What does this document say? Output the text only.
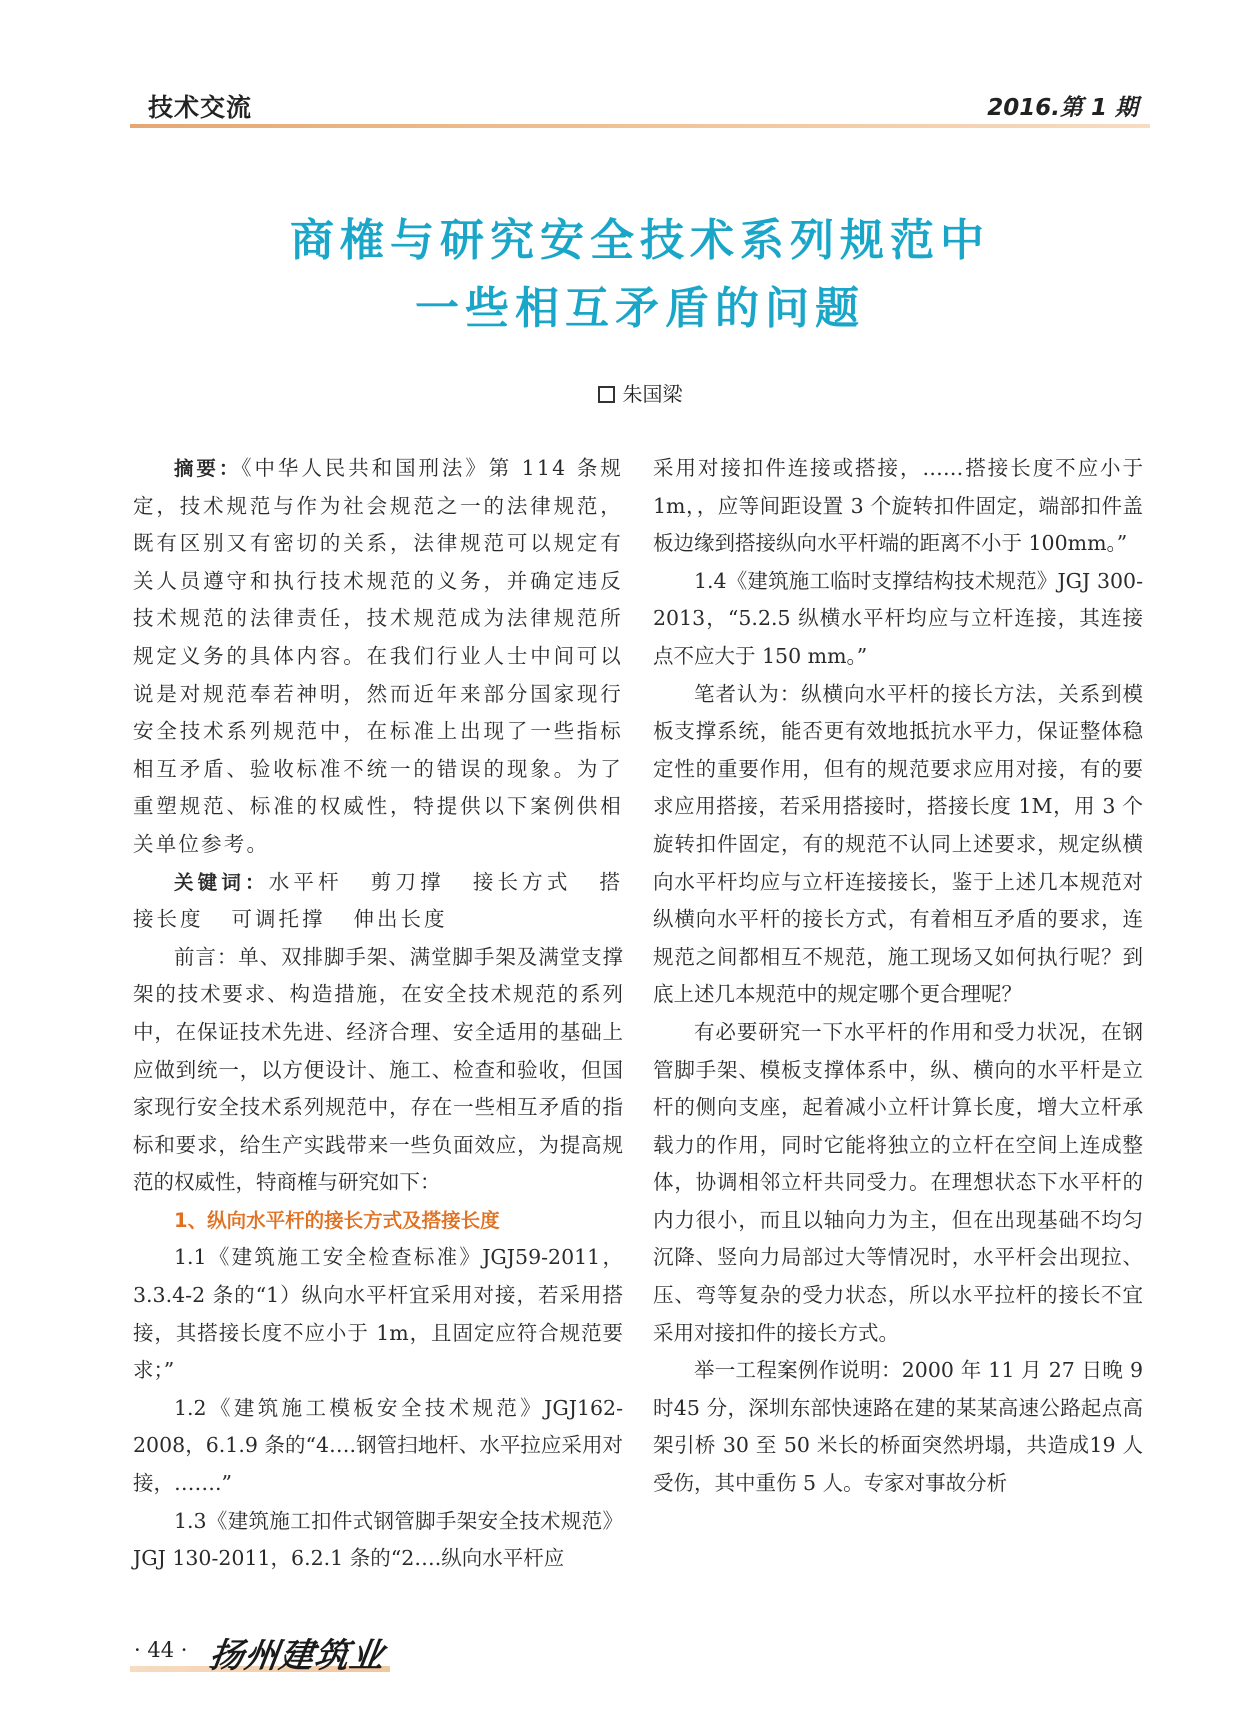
技术交流	2016.第 1 期
商榷与研究安全技术系列规范中
一些相互矛盾的问题
朱国梁

摘要：《中华人民共和国刑法》第 114 条规定，技术规范与作为社会规范之一的法律规范，既有区别又有密切的关系，法律规范可以规定有关人员遵守和执行技术规范的义务，并确定违反技术规范的法律责任，技术规范成为法律规范所规定义务的具体内容。在我们行业人士中间可以说是对规范奉若神明，然而近年来部分国家现行安全技术系列规范中，在标准上出现了一些指标相互矛盾、验收标准不统一的错误的现象。为了重塑规范、标准的权威性，特提供以下案例供相关单位参考。

关键词：水平杆 剪刀撑 接长方式 搭接长度 可调托撑 伸出长度

前言：单、双排脚手架、满堂脚手架及满堂支撑架的技术要求、构造措施，在安全技术规范的系列中，在保证技术先进、经济合理、安全适用的基础上应做到统一，以方便设计、施工、检查和验收，但国家现行安全技术系列规范中，存在一些相互矛盾的指标和要求，给生产实践带来一些负面效应，为提高规范的权威性，特商榷与研究如下：

1、纵向水平杆的接长方式及搭接长度

1.1《建筑施工安全检查标准》JGJ59-2011，3.3.4-2 条的“1）纵向水平杆宜采用对接，若采用搭接，其搭接长度不应小于 1m，且固定应符合规范要求；”

1.2《建筑施工模板安全技术规范》JGJ162-2008，6.1.9 条的“4….钢管扫地杆、水平拉应采用对接，…….”

1.3《建筑施工扣件式钢管脚手架安全技术规范》JGJ 130-2011，6.2.1 条的“2….纵向水平杆应

采用对接扣件连接或搭接，……搭接长度不应小于 1m，，应等间距设置 3 个旋转扣件固定，端部扣件盖板边缘到搭接纵向水平杆端的距离不小于 100mm。”

1.4《建筑施工临时支撑结构技术规范》JGJ 300-2013，“5.2.5 纵横水平杆均应与立杆连接，其连接点不应大于 150 mm。”

笔者认为：纵横向水平杆的接长方法，关系到模板支撑系统，能否更有效地抵抗水平力，保证整体稳定性的重要作用，但有的规范要求应用对接，有的要求应用搭接，若采用搭接时，搭接长度 1M，用 3 个旋转扣件固定，有的规范不认同上述要求，规定纵横向水平杆均应与立杆连接接长，鉴于上述几本规范对纵横向水平杆的接长方式，有着相互矛盾的要求，连规范之间都相互不规范，施工现场又如何执行呢？到底上述几本规范中的规定哪个更合理呢？

有必要研究一下水平杆的作用和受力状况，在钢管脚手架、模板支撑体系中，纵、横向的水平杆是立杆的侧向支座，起着减小立杆计算长度，增大立杆承载力的作用，同时它能将独立的立杆在空间上连成整体，协调相邻立杆共同受力。在理想状态下水平杆的内力很小，而且以轴向力为主，但在出现基础不均匀沉降、竖向力局部过大等情况时，水平杆会出现拉、压、弯等复杂的受力状态，所以水平拉杆的接长不宜采用对接扣件的接长方式。

举一工程案例作说明：2000 年 11 月 27 日晚 9 时45 分，深圳东部快速路在建的某某高速公路起点高架引桥 30 至 50 米长的桥面突然坍塌，共造成19 人受伤，其中重伤 5 人。专家对事故分析

· 44 · 扬州建筑业
